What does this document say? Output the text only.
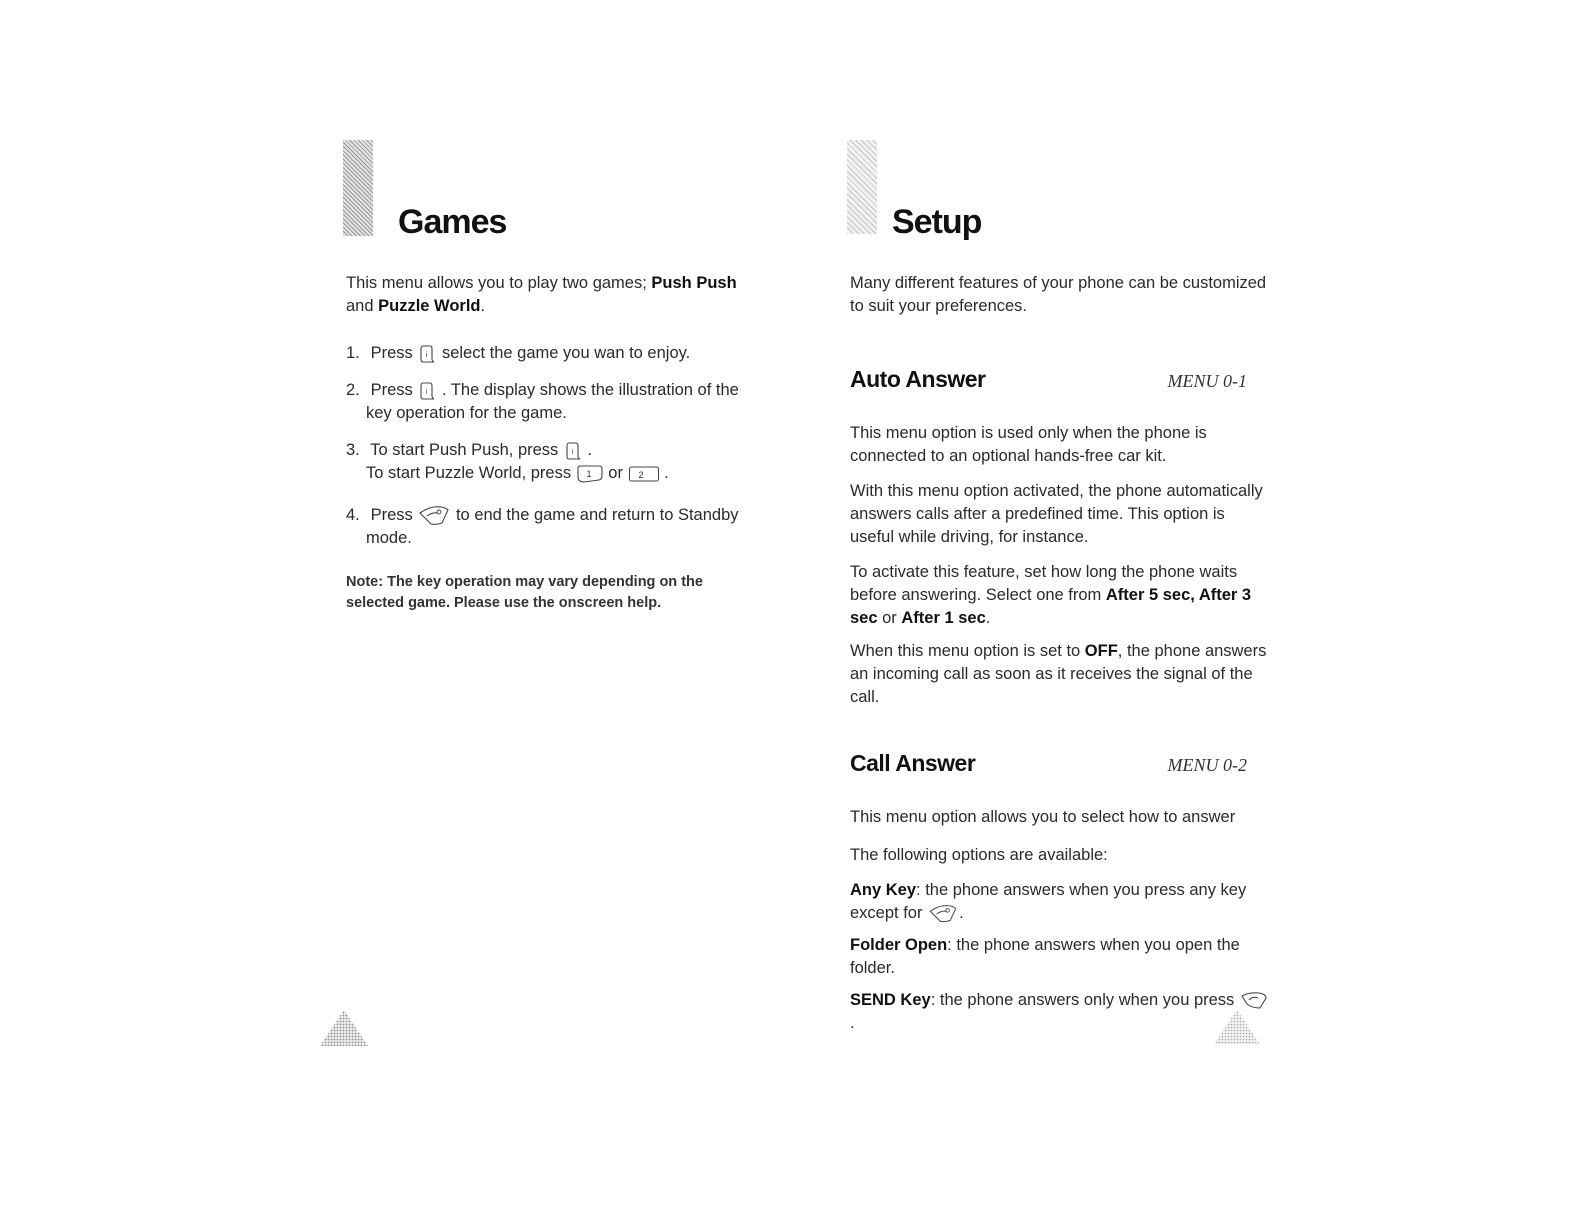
Games

This menu allows you to play two games; Push Push
and Puzzle World.

1. Press i select the game you wan to enjoy.
2. Press i . The display shows the illustration of the
key operation for the game.
3. To start Push Push, press i .
To start Puzzle World, press 1 or 2 .
4. Press	to end the game and return to Standby
mode.

Note: The key operation may vary depending on the
selected game. Please use the onscreen help.

Setup

Many different features of your phone can be customized
to suit your preferences.

Auto Answer	MENU 0-1

This menu option is used only when the phone is
connected to an optional hands-free car kit.

With this menu option activated, the phone automatically
answers calls after a predefined time. This option is
useful while driving, for instance.

To activate this feature, set how long the phone waits
before answering. Select one from After 5 sec, After 3
sec or After 1 sec.

When this menu option is set to OFF, the phone answers
an incoming call as soon as it receives the signal of the
call.

Call Answer	MENU 0-2

This menu option allows you to select how to answer

The following options are available:

Any Key: the phone answers when you press any key
except for .

Folder Open: the phone answers when you open the
folder.

SEND Key: the phone answers only when you press .
